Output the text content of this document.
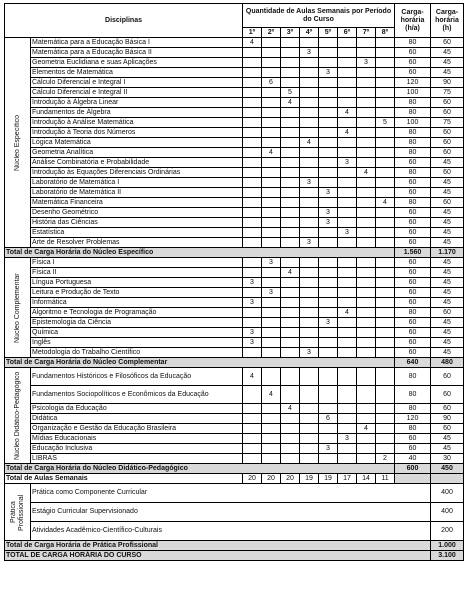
Disciplinas		Quantidade de Aulas Semanais por Período do Curso								Carga-horária (h/a)	Carga-horária (h)
		1º	2º	3º	4º	5º	6º	7º	8º		
Núcleo Específico	Matemática para a Educação Básica I	4								80	60
	Matemática para a Educação Básica II				3					60	45
	Geometria Euclidiana e suas Aplicações							3		60	45
	Elementos de Matemática					3				60	45
	Cálculo Diferencial e Integral I		6							120	90
	Cálculo Diferencial e Integral II			5						100	75
	Introdução à Álgebra Linear			4						80	60
	Fundamentos de Álgebra						4			80	60
	Introdução à Análise Matemática								5	100	75
	Introdução à Teoria dos Números						4			80	60
	Lógica Matemática				4					80	60
	Geometria Analítica		4							80	60
	Análise Combinatória e Probabilidade						3			60	45
	Introdução às Equações Diferenciais Ordinárias							4		80	60
	Laboratório de Matemática I				3					60	45
	Laboratório de Matemática II					3				60	45
	Matemática Financeira								4	80	60
	Desenho Geométrico					3				60	45
	História das Ciências					3				60	45
	Estatística						3			60	45
	Arte de Resolver Problemas				3					60	45
Total de Carga Horária do Núcleo Específico										1.560	1.170
Núcleo Complementar	Física I		3							60	45
	Física II			4						60	45
	Língua Portuguesa	3								60	45
	Leitura e Produção de Texto		3							60	45
	Informática	3								60	45
	Algoritmo e Tecnologia de Programação						4			80	60
	Epistemologia da Ciência					3				60	45
	Química	3								60	45
	Inglês	3								60	45
	Metodologia do Trabalho Científico				3					60	45
Total de Carga Horária do Núcleo Complementar										640	480
Núcleo Didático-Pedagógico	Fundamentos Históricos e Filosóficos da Educação	4								80	60
	Fundamentos Sociopolíticos e Econômicos da Educação		4							80	60
	Psicologia da Educação			4						80	60
	Didática					6				120	90
	Organização e Gestão da Educação Brasileira							4		80	60
	Mídias Educacionais						3			60	45
	Educação Inclusiva					3				60	45
	LIBRAS								2	40	30
Total de Carga Horária do Núcleo Didático-Pedagógico										600	450
Total de Aulas Semanais		20	20	20	19	19	17	14	11		
Prática Profissional	Prática como Componente Curricular										400
	Estágio Curricular Supervisionado										400
	Atividades Acadêmico-Científico-Culturais										200
Total de Carga Horária de Prática Profissional											1.000
TOTAL DE CARGA HORÁRIA DO CURSO											3.100
